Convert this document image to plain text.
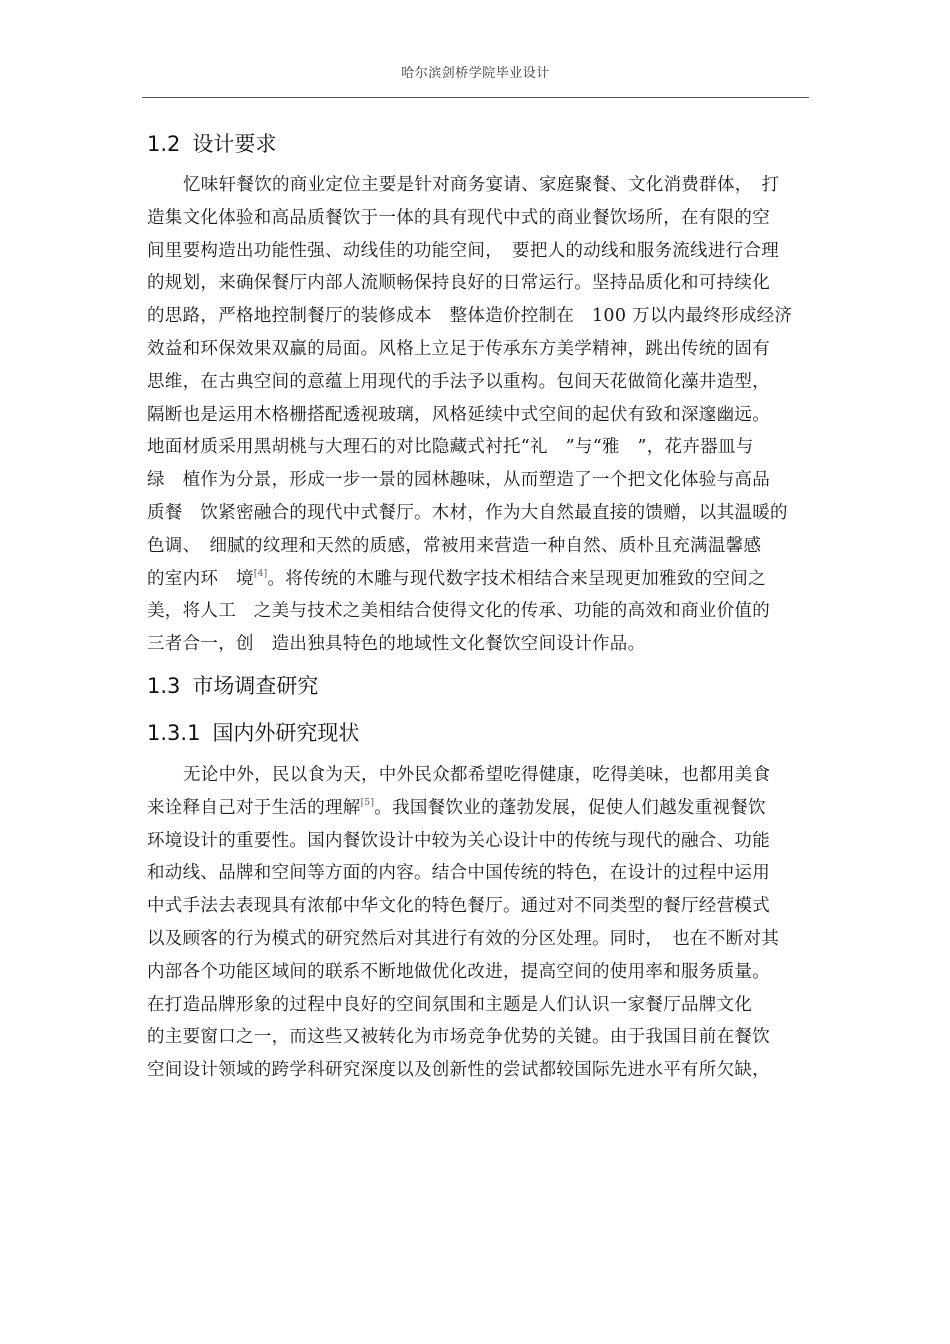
哈尔滨剑桥学院毕业设计
1.2 设计要求
忆味轩餐饮的商业定位主要是针对商务宴请、家庭聚餐、文化消费群体，　打
造集文化体验和高品质餐饮于一体的具有现代中式的商业餐饮场所，在有限的空
间里要构造出功能性强、动线佳的功能空间，　要把人的动线和服务流线进行合理
的规划，来确保餐厅内部人流顺畅保持良好的日常运行。坚持品质化和可持续化
的思路，严格地控制餐厅的装修成本　整体造价控制在　100 万以内最终形成经济
效益和环保效果双赢的局面。风格上立足于传承东方美学精神，跳出传统的固有
思维，在古典空间的意蕴上用现代的手法予以重构。包间天花做简化藻井造型，
隔断也是运用木格栅搭配透视玻璃，风格延续中式空间的起伏有致和深邃幽远。
地面材质采用黑胡桃与大理石的对比隐藏式衬托“礼　”与“雅　”，花卉器皿与
绿　植作为分景，形成一步一景的园林趣味，从而塑造了一个把文化体验与高品
质餐　饮紧密融合的现代中式餐厅。木材，作为大自然最直接的馈赠，以其温暖的
色调、　细腻的纹理和天然的质感，常被用来营造一种自然、质朴且充满温馨感
的室内环　境[4]。将传统的木雕与现代数字技术相结合来呈现更加雅致的空间之
美，将人工　之美与技术之美相结合使得文化的传承、功能的高效和商业价值的
三者合一，创　造出独具特色的地域性文化餐饮空间设计作品。
1.3 市场调查研究
1.3.1 国内外研究现状
无论中外，民以食为天，中外民众都希望吃得健康，吃得美味，也都用美食
来诠释自己对于生活的理解[5]。我国餐饮业的蓬勃发展，促使人们越发重视餐饮
环境设计的重要性。国内餐饮设计中较为关心设计中的传统与现代的融合、功能
和动线、品牌和空间等方面的内容。结合中国传统的特色，在设计的过程中运用
中式手法去表现具有浓郁中华文化的特色餐厅。通过对不同类型的餐厅经营模式
以及顾客的行为模式的研究然后对其进行有效的分区处理。同时，　也在不断对其
内部各个功能区域间的联系不断地做优化改进，提高空间的使用率和服务质量。
在打造品牌形象的过程中良好的空间氛围和主题是人们认识一家餐厅品牌文化
的主要窗口之一，而这些又被转化为市场竞争优势的关键。由于我国目前在餐饮
空间设计领域的跨学科研究深度以及创新性的尝试都较国际先进水平有所欠缺，
